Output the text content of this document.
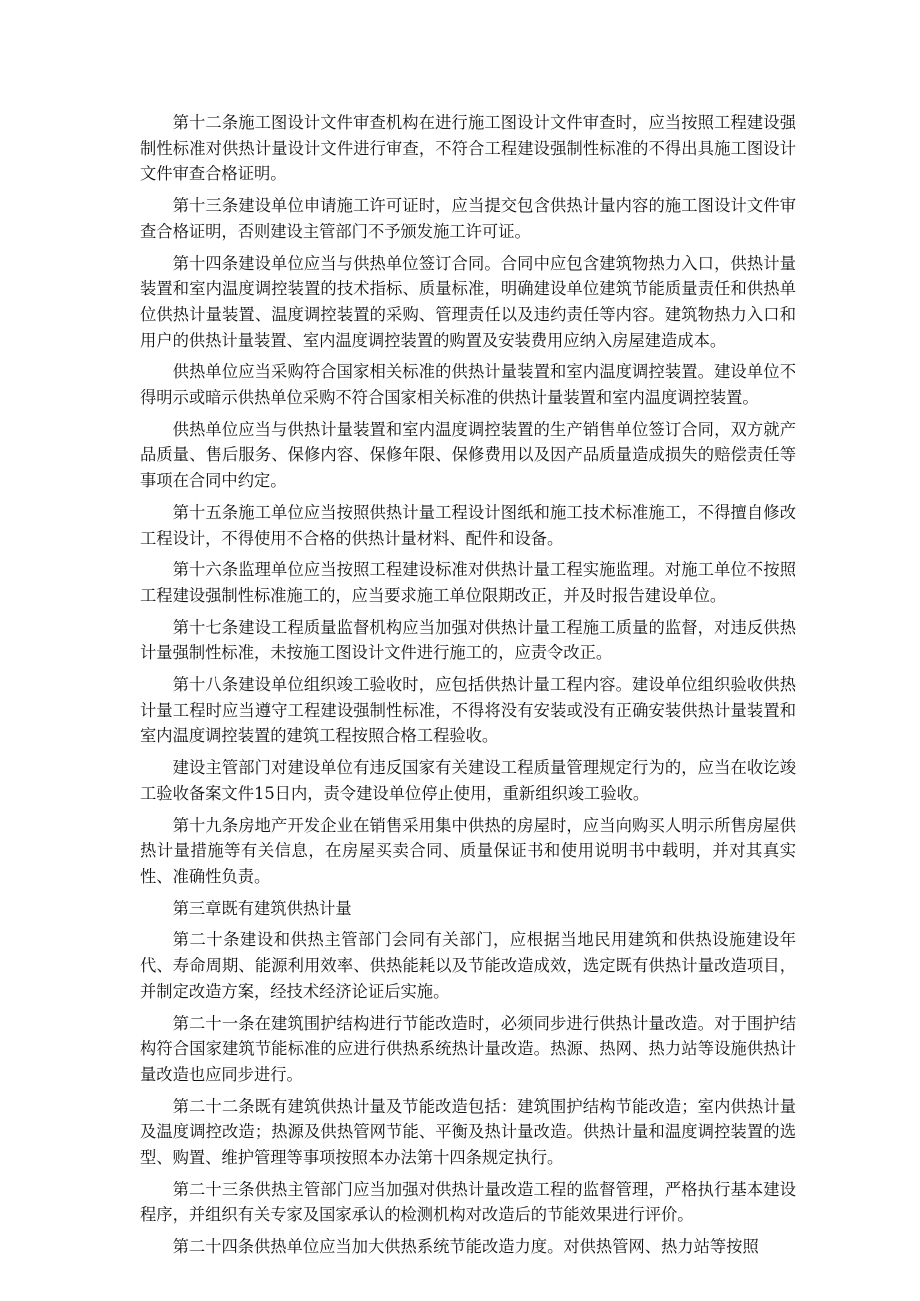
第十二条施工图设计文件审查机构在进行施工图设计文件审查时，应当按照工程建设强制性标准对供热计量设计文件进行审查，不符合工程建设强制性标准的不得出具施工图设计文件审查合格证明。

第十三条建设单位申请施工许可证时，应当提交包含供热计量内容的施工图设计文件审查合格证明，否则建设主管部门不予颁发施工许可证。

第十四条建设单位应当与供热单位签订合同。合同中应包含建筑物热力入口，供热计量装置和室内温度调控装置的技术指标、质量标准，明确建设单位建筑节能质量责任和供热单位供热计量装置、温度调控装置的采购、管理责任以及违约责任等内容。建筑物热力入口和用户的供热计量装置、室内温度调控装置的购置及安装费用应纳入房屋建造成本。

供热单位应当采购符合国家相关标准的供热计量装置和室内温度调控装置。建设单位不得明示或暗示供热单位采购不符合国家相关标准的供热计量装置和室内温度调控装置。

供热单位应当与供热计量装置和室内温度调控装置的生产销售单位签订合同，双方就产品质量、售后服务、保修内容、保修年限、保修费用以及因产品质量造成损失的赔偿责任等事项在合同中约定。

第十五条施工单位应当按照供热计量工程设计图纸和施工技术标准施工，不得擅自修改工程设计，不得使用不合格的供热计量材料、配件和设备。

第十六条监理单位应当按照工程建设标准对供热计量工程实施监理。对施工单位不按照工程建设强制性标准施工的，应当要求施工单位限期改正，并及时报告建设单位。

第十七条建设工程质量监督机构应当加强对供热计量工程施工质量的监督，对违反供热计量强制性标准，未按施工图设计文件进行施工的，应责令改正。

第十八条建设单位组织竣工验收时，应包括供热计量工程内容。建设单位组织验收供热计量工程时应当遵守工程建设强制性标准，不得将没有安装或没有正确安装供热计量装置和室内温度调控装置的建筑工程按照合格工程验收。

建设主管部门对建设单位有违反国家有关建设工程质量管理规定行为的，应当在收讫竣工验收备案文件15日内，责令建设单位停止使用，重新组织竣工验收。

第十九条房地产开发企业在销售采用集中供热的房屋时，应当向购买人明示所售房屋供热计量措施等有关信息，在房屋买卖合同、质量保证书和使用说明书中载明，并对其真实性、准确性负责。

第三章既有建筑供热计量

第二十条建设和供热主管部门会同有关部门，应根据当地民用建筑和供热设施建设年代、寿命周期、能源利用效率、供热能耗以及节能改造成效，选定既有供热计量改造项目，并制定改造方案，经技术经济论证后实施。

第二十一条在建筑围护结构进行节能改造时，必须同步进行供热计量改造。对于围护结构符合国家建筑节能标准的应进行供热系统热计量改造。热源、热网、热力站等设施供热计量改造也应同步进行。

第二十二条既有建筑供热计量及节能改造包括：建筑围护结构节能改造；室内供热计量及温度调控改造；热源及供热管网节能、平衡及热计量改造。供热计量和温度调控装置的选型、购置、维护管理等事项按照本办法第十四条规定执行。

第二十三条供热主管部门应当加强对供热计量改造工程的监督管理，严格执行基本建设程序，并组织有关专家及国家承认的检测机构对改造后的节能效果进行评价。

第二十四条供热单位应当加大供热系统节能改造力度。对供热管网、热力站等按照
